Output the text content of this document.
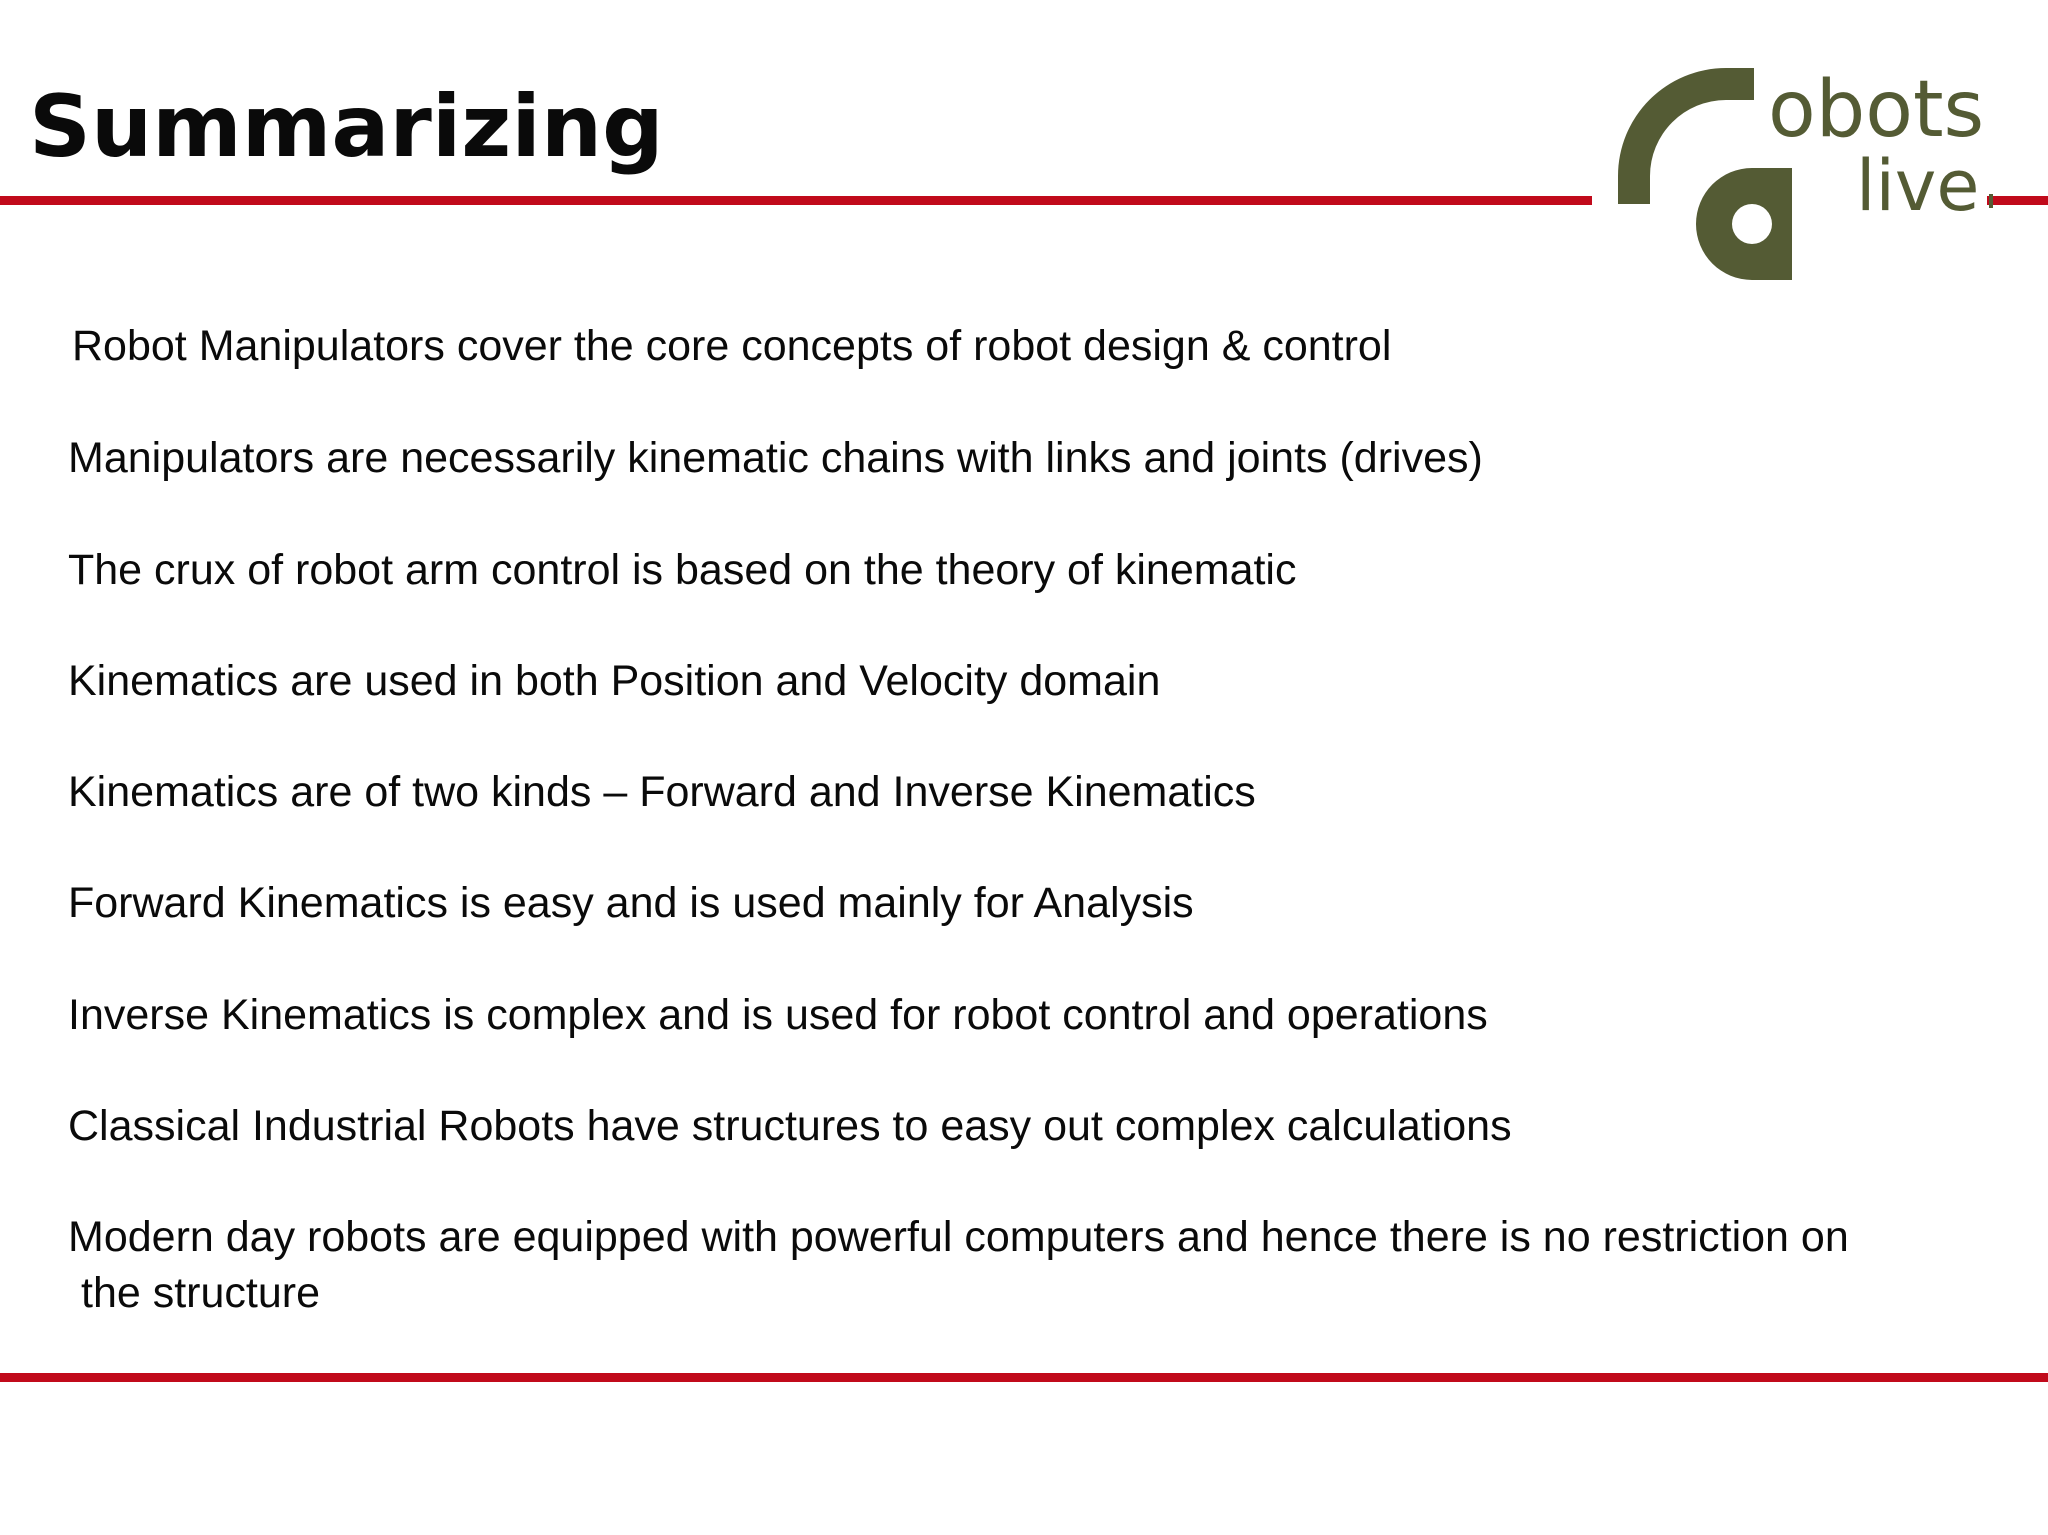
Summarizing	obots
live
Robot Manipulators cover the core concepts of robot design & control
Manipulators are necessarily kinematic chains with links and joints (drives)
The crux of robot arm control is based on the theory of kinematic
Kinematics are used in both Position and Velocity domain
Kinematics are of two kinds – Forward and Inverse Kinematics
Forward Kinematics is easy and is used mainly for Analysis
Inverse Kinematics is complex and is used for robot control and operations
Classical Industrial Robots have structures to easy out complex calculations
Modern day robots are equipped with powerful computers and hence there is no restriction on
the structure
